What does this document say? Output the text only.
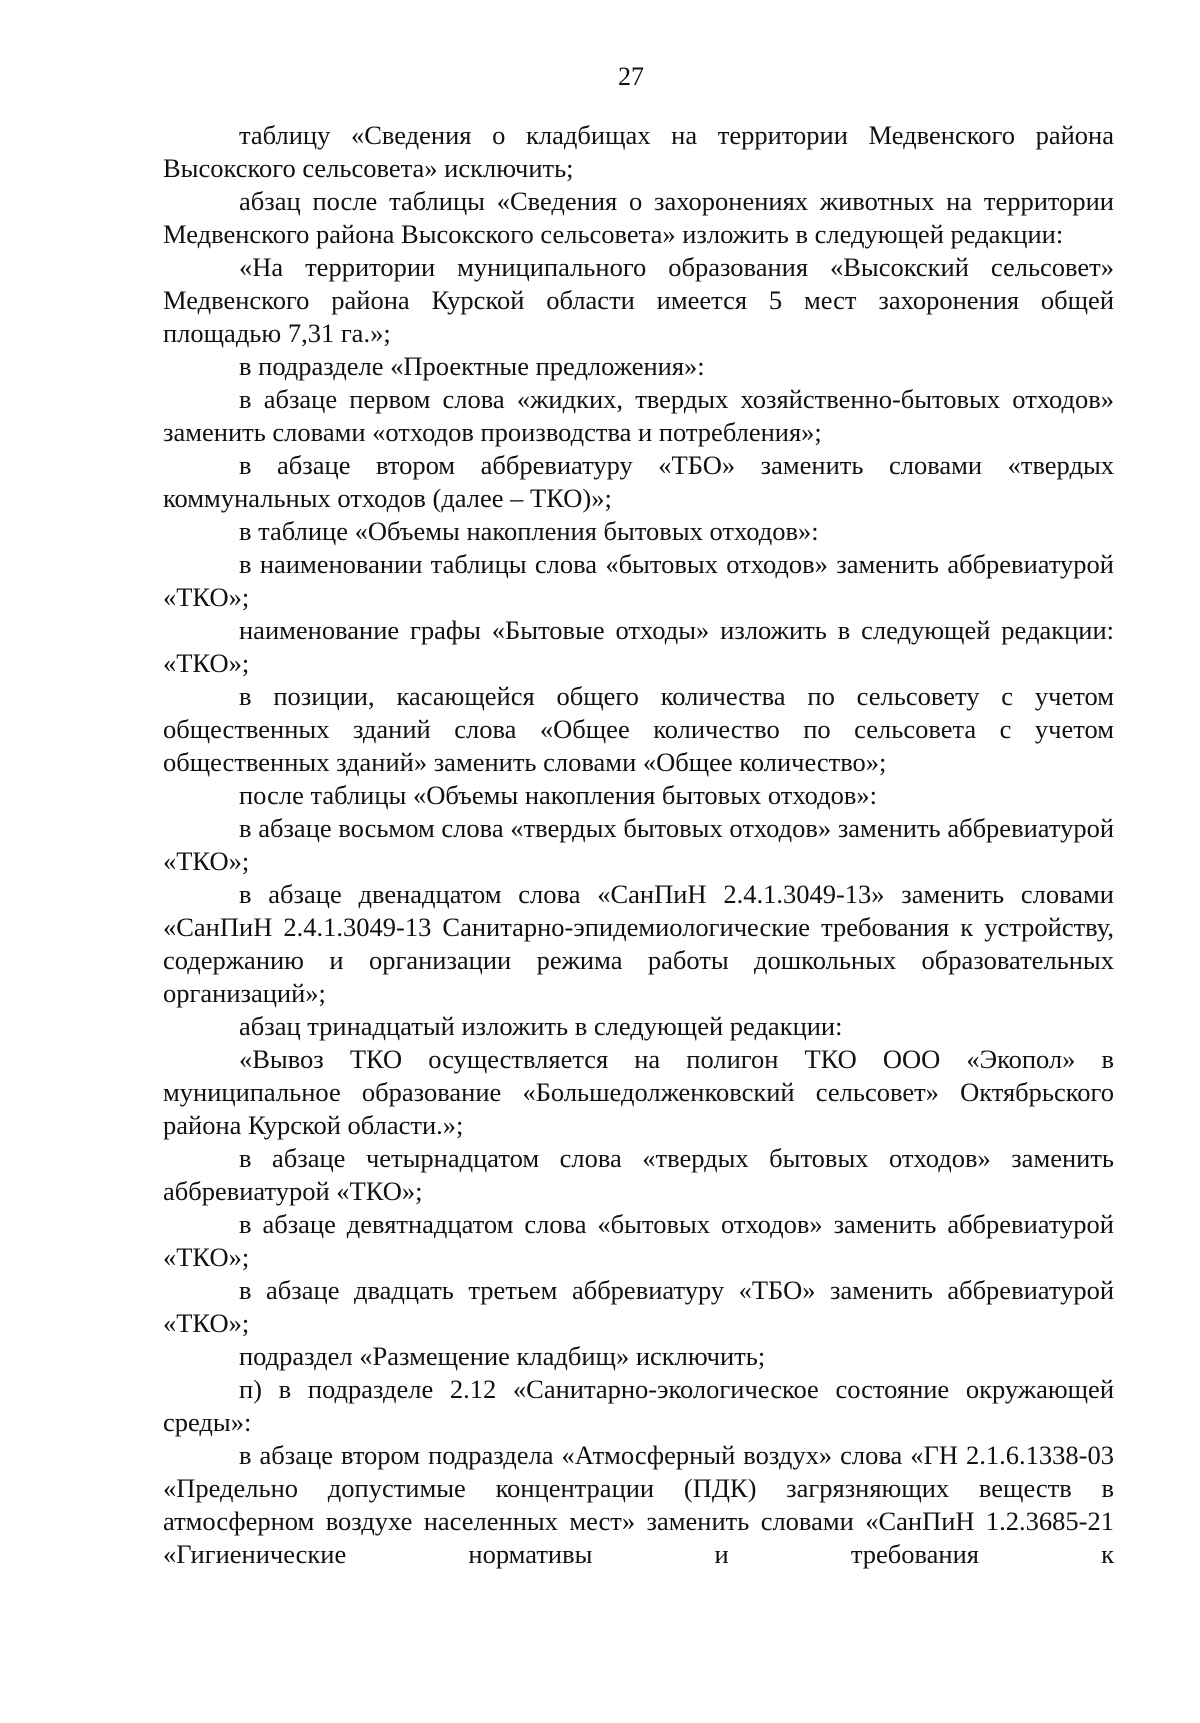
27

таблицу «Сведения о кладбищах на территории Медвенского района Высокского сельсовета» исключить;

абзац после таблицы «Сведения о захоронениях животных на территории Медвенского района Высокского сельсовета» изложить в следующей редакции:

«На территории муниципального образования «Высокский сельсовет» Медвенского района Курской области имеется 5 мест захоронения общей площадью 7,31 га.»;

в подразделе «Проектные предложения»:

в абзаце первом слова «жидких, твердых хозяйственно-бытовых отходов» заменить словами «отходов производства и потребления»;

в абзаце втором аббревиатуру «ТБО» заменить словами «твердых коммунальных отходов (далее – ТКО)»;

в таблице «Объемы накопления бытовых отходов»:

в наименовании таблицы слова «бытовых отходов» заменить аббревиатурой «ТКО»;

наименование графы «Бытовые отходы» изложить в следующей редакции: «ТКО»;

в позиции, касающейся общего количества по сельсовету с учетом общественных зданий слова «Общее количество по сельсовета с учетом общественных зданий» заменить словами «Общее количество»;

после таблицы «Объемы накопления бытовых отходов»:

в абзаце восьмом слова «твердых бытовых отходов» заменить аббревиатурой «ТКО»;

в абзаце двенадцатом слова «СанПиН 2.4.1.3049-13» заменить словами «СанПиН 2.4.1.3049-13 Санитарно-эпидемиологические требования к устройству, содержанию и организации режима работы дошкольных образовательных организаций»;

абзац тринадцатый изложить в следующей редакции:

«Вывоз ТКО осуществляется на полигон ТКО ООО «Экопол» в муниципальное образование «Большедолженковский сельсовет» Октябрьского района Курской области.»;

в абзаце четырнадцатом слова «твердых бытовых отходов» заменить аббревиатурой «ТКО»;

в абзаце девятнадцатом слова «бытовых отходов» заменить аббревиатурой «ТКО»;

в абзаце двадцать третьем аббревиатуру «ТБО» заменить аббревиатурой «ТКО»;

подраздел «Размещение кладбищ» исключить;

п) в подразделе 2.12 «Санитарно-экологическое состояние окружающей среды»:

в абзаце втором подраздела «Атмосферный воздух» слова «ГН 2.1.6.1338-03 «Предельно допустимые концентрации (ПДК) загрязняющих веществ в атмосферном воздухе населенных мест» заменить словами «СанПиН 1.2.3685-21 «Гигиенические нормативы и требования к
